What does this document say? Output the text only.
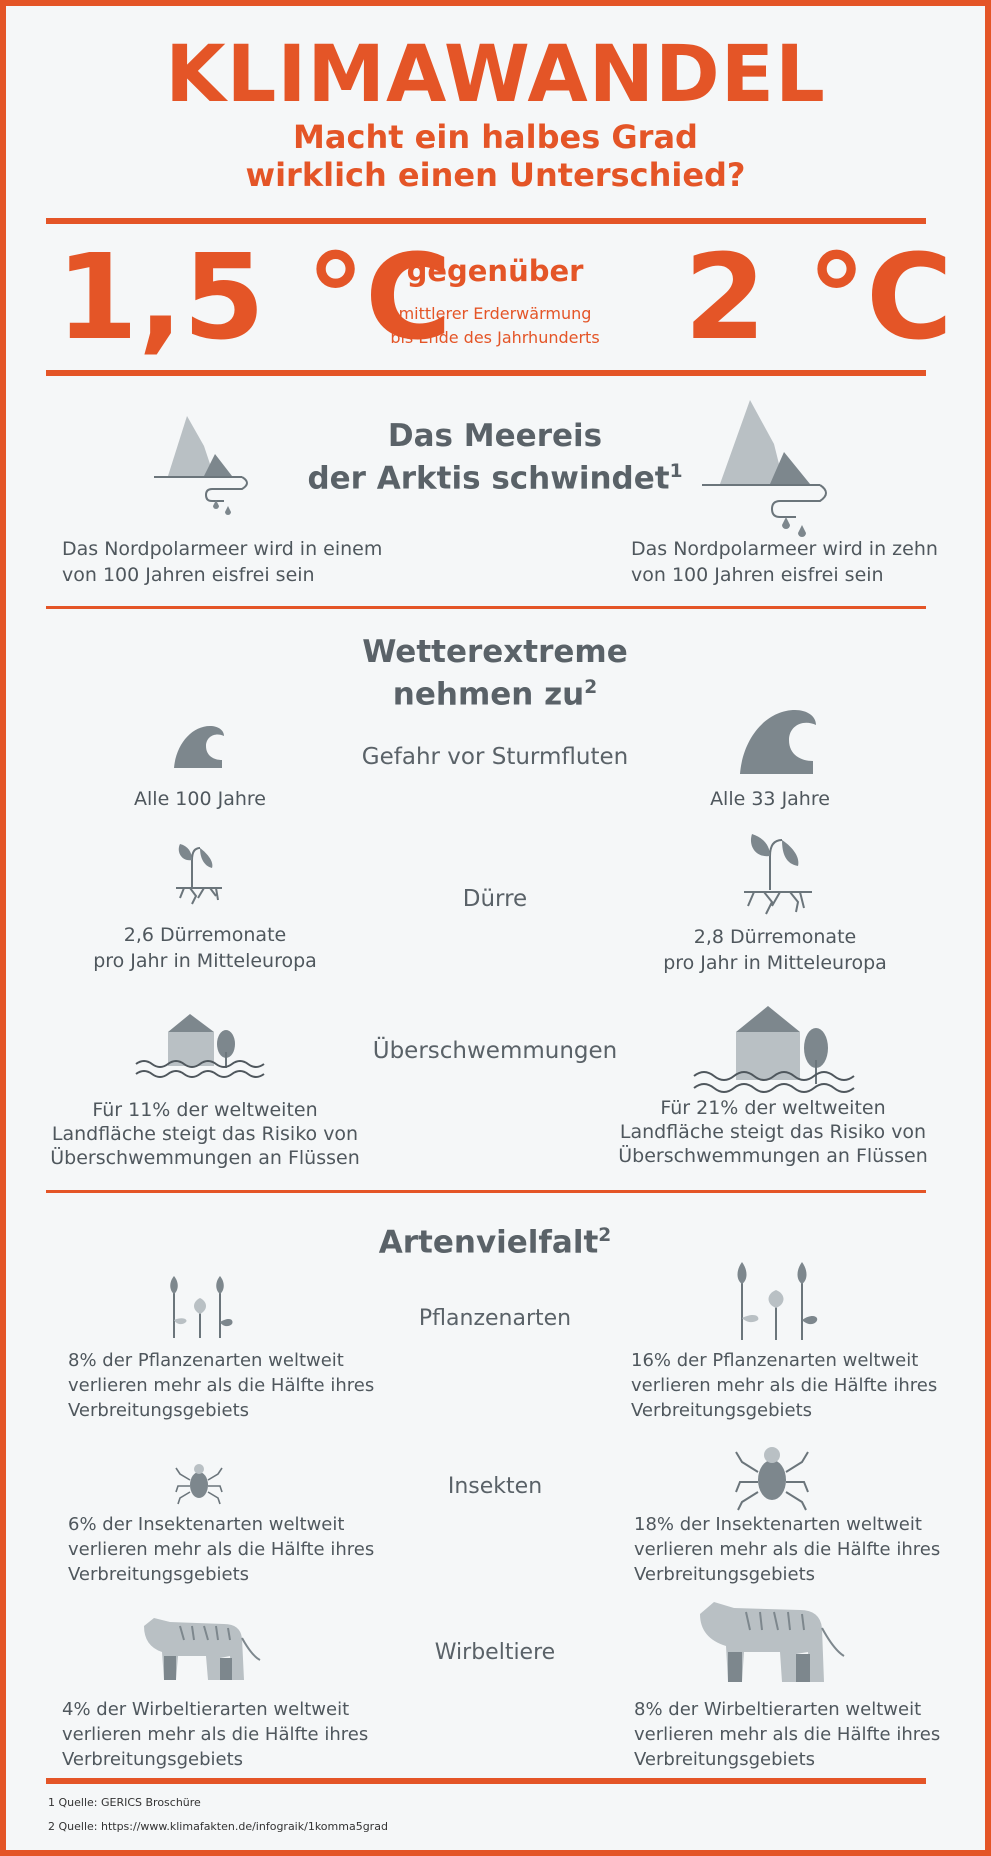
KLIMAWANDEL
Macht ein halbes Grad
wirklich einen Unterschied?
1,5 °C 2 °C
gegenüber
mittlerer Erderwärmung
bis Ende des Jahrhunderts
Das Meereis
der Arktis schwindet$^1$
Das Nordpolarmeer wird in einem
von 100 Jahren eisfrei sein
Das Nordpolarmeer wird in zehn
von 100 Jahren eisfrei sein
Wetterextreme
nehmen $zu^2$
Gefahr vor Sturmfluten
Alle 100 Jahre	Alle 33 Jahre
Dürre
2,6 Dürremonate
pro Jahr in Mitteleuropa
2,8 Dürremonate
pro Jahr in Mitteleuropa
Überschwemmungen
Für 11% der weltweiten
Landfläche steigt das Risiko von
Überschwemmungen an Flüssen
Für 21% der weltweiten
Landfläche steigt das Risiko von
Überschwemmungen an Flüssen
Artenvielfalt$^2$
Pflanzenarten
8% der Pflanzenarten weltweit
verlieren mehr als die Hälfte ihres
Verbreitungsgebiets
16% der Pflanzenarten weltweit
verlieren mehr als die Hälfte ihres
Verbreitungsgebiets
Insekten
6% der Insektenarten weltweit
verlieren mehr als die Hälfte ihres
Verbreitungsgebiets
18% der Insektenarten weltweit
verlieren mehr als die Hälfte ihres
Verbreitungsgebiets
Wirbeltiere
4% der Wirbeltierarten weltweit
verlieren mehr als die Hälfte ihres
Verbreitungsgebiets
8% der Wirbeltierarten weltweit
verlieren mehr als die Hälfte ihres
Verbreitungsgebiets
1 Quelle: GERICS Broschüre
2 Quelle: https://www.klimafakten.de/infograik/1komma5grad
